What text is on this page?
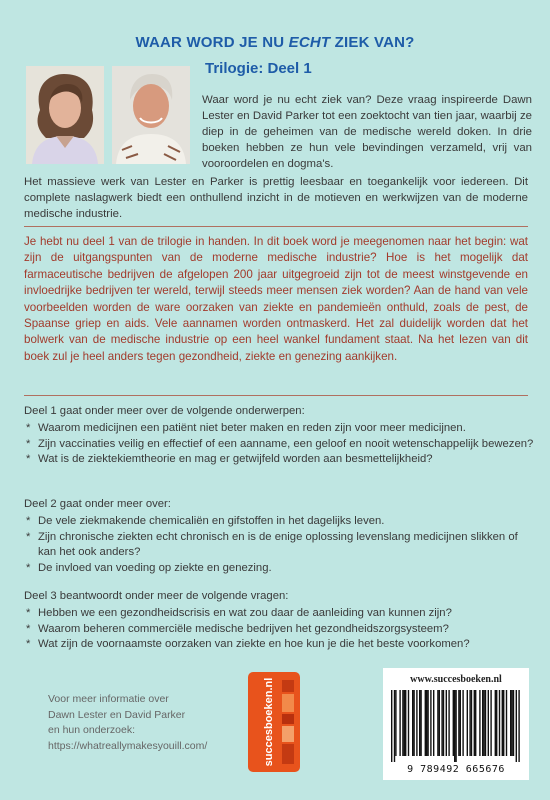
WAAR WORD JE NU ECHT ZIEK VAN?
Trilogie: Deel 1
Waar word je nu echt ziek van? Deze vraag inspireerde Dawn Lester en David Parker tot een zoektocht van tien jaar, waarbij ze diep in de geheimen van de medische wereld doken. In drie boeken hebben ze hun vele bevindingen verzameld, vrij van vooroordelen en dogma's.
Het massieve werk van Lester en Parker is prettig leesbaar en toegankelijk voor iedereen. Dit complete naslagwerk biedt een onthullend inzicht in de motieven en werkwijzen van de moderne medische industrie.
Je hebt nu deel 1 van de trilogie in handen. In dit boek word je meegenomen naar het begin: wat zijn de uitgangspunten van de moderne medische industrie? Hoe is het mogelijk dat farmaceutische bedrijven de afgelopen 200 jaar uitgegroeid zijn tot de meest winstgevende en invloedrijke bedrijven ter wereld, terwijl steeds meer mensen ziek worden? Aan de hand van vele voorbeelden worden de ware oorzaken van ziekte en pandemieën onthuld, zoals de pest, de Spaanse griep en aids. Vele aannamen worden ontmaskerd. Het zal duidelijk worden dat het bolwerk van de medische industrie op een heel wankel fundament staat. Na het lezen van dit boek zul je heel anders tegen gezondheid, ziekte en genezing aankijken.
Deel 1 gaat onder meer over de volgende onderwerpen:
* Waarom medicijnen een patiënt niet beter maken en reden zijn voor meer medicijnen.
* Zijn vaccinaties veilig en effectief of een aanname, een geloof en nooit wetenschappelijk bewezen?
* Wat is de ziektekiemtheorie en mag er getwijfeld worden aan besmettelijkheid?
Deel 2 gaat onder meer over:
* De vele ziekmakende chemicaliën en gifstoffen in het dagelijks leven.
* Zijn chronische ziekten echt chronisch en is de enige oplossing levenslang medicijnen slikken of kan het ook anders?
* De invloed van voeding op ziekte en genezing.
Deel 3 beantwoordt onder meer de volgende vragen:
* Hebben we een gezondheidscrisis en wat zou daar de aanleiding van kunnen zijn?
* Waarom beheren commerciële medische bedrijven het gezondheidszorgsysteem?
* Wat zijn de voornaamste oorzaken van ziekte en hoe kun je die het beste voorkomen?
Voor meer informatie over
Dawn Lester en David Parker
en hun onderzoek:
https://whatreallymakesyouill.com/	succesboeken.nl	www.succesboeken.nl
9 789492 665676
